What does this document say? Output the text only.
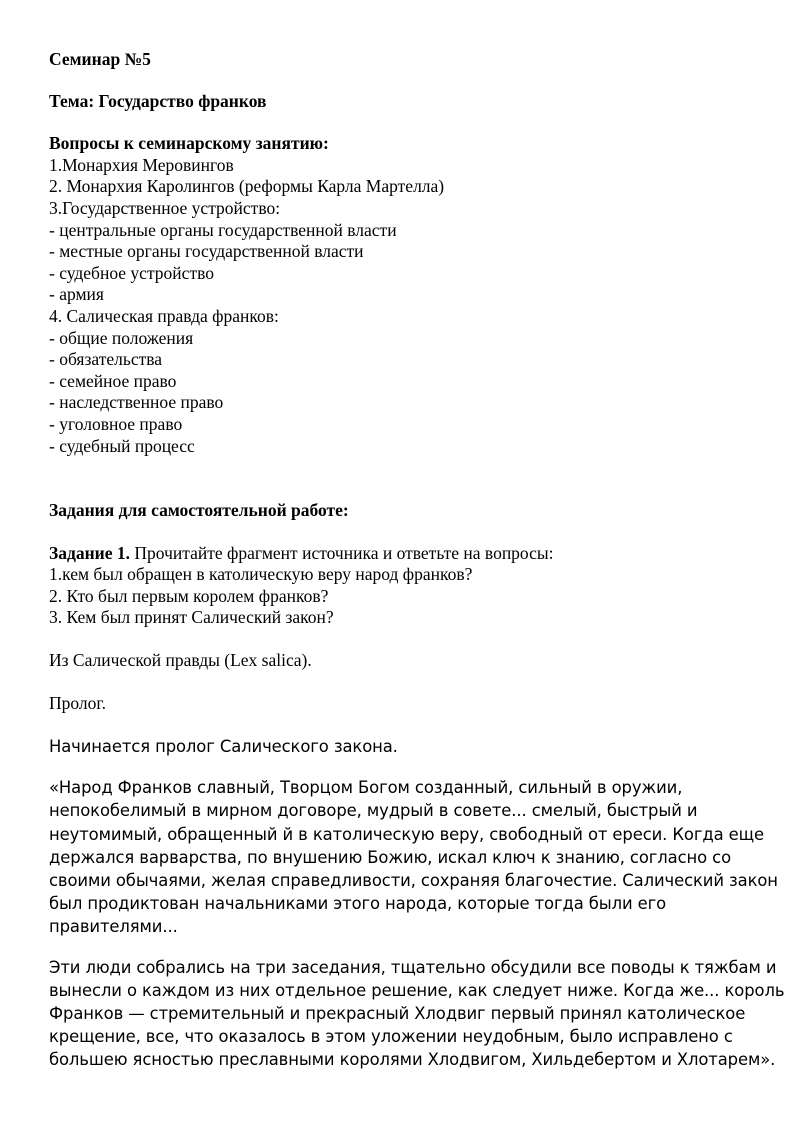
Семинар №5
Тема: Государство франков
Вопросы к семинарскому занятию:
1.Монархия Меровингов
2. Монархия Каролингов (реформы Карла Мартелла)
3.Государственное устройство:
- центральные органы государственной власти
- местные органы государственной власти
- судебное устройство
- армия
4. Салическая правда франков:
- общие положения
- обязательства
- семейное право
- наследственное право
- уголовное право
- судебный процесс
Задания для самостоятельной работе:
Задание 1. Прочитайте фрагмент источника и ответьте на вопросы:
1.кем был обращен в католическую веру народ франков?
2. Кто был первым королем франков?
3. Кем был принят Салический закон?
Из Салической правды (Lex salica).
Пролог.
Начинается пролог Салического закона.
«Народ Франков славный, Творцом Богом созданный, сильный в оружии,
непокобелимый в мирном договоре, мудрый в совете... смелый, быстрый и
неутомимый, обращенный й в католическую веру, свободный от ереси. Когда еще
держался варварства, по внушению Божию, искал ключ к знанию, согласно со
своими обычаями, желая справедливости, сохраняя благочестие. Салический закон
был продиктован начальниками этого народа, которые тогда были его
правителями...
Эти люди собрались на три заседания, тщательно обсудили все поводы к тяжбам и
вынесли о каждом из них отдельное решение, как следует ниже. Когда же... король
Франков — стремительный и прекрасный Хлодвиг первый принял католическое
крещение, все, что оказалось в этом уложении неудобным, было исправлено с
большею ясностью преславными королями Хлодвигом, Хильдебертом и Хлотарем».
